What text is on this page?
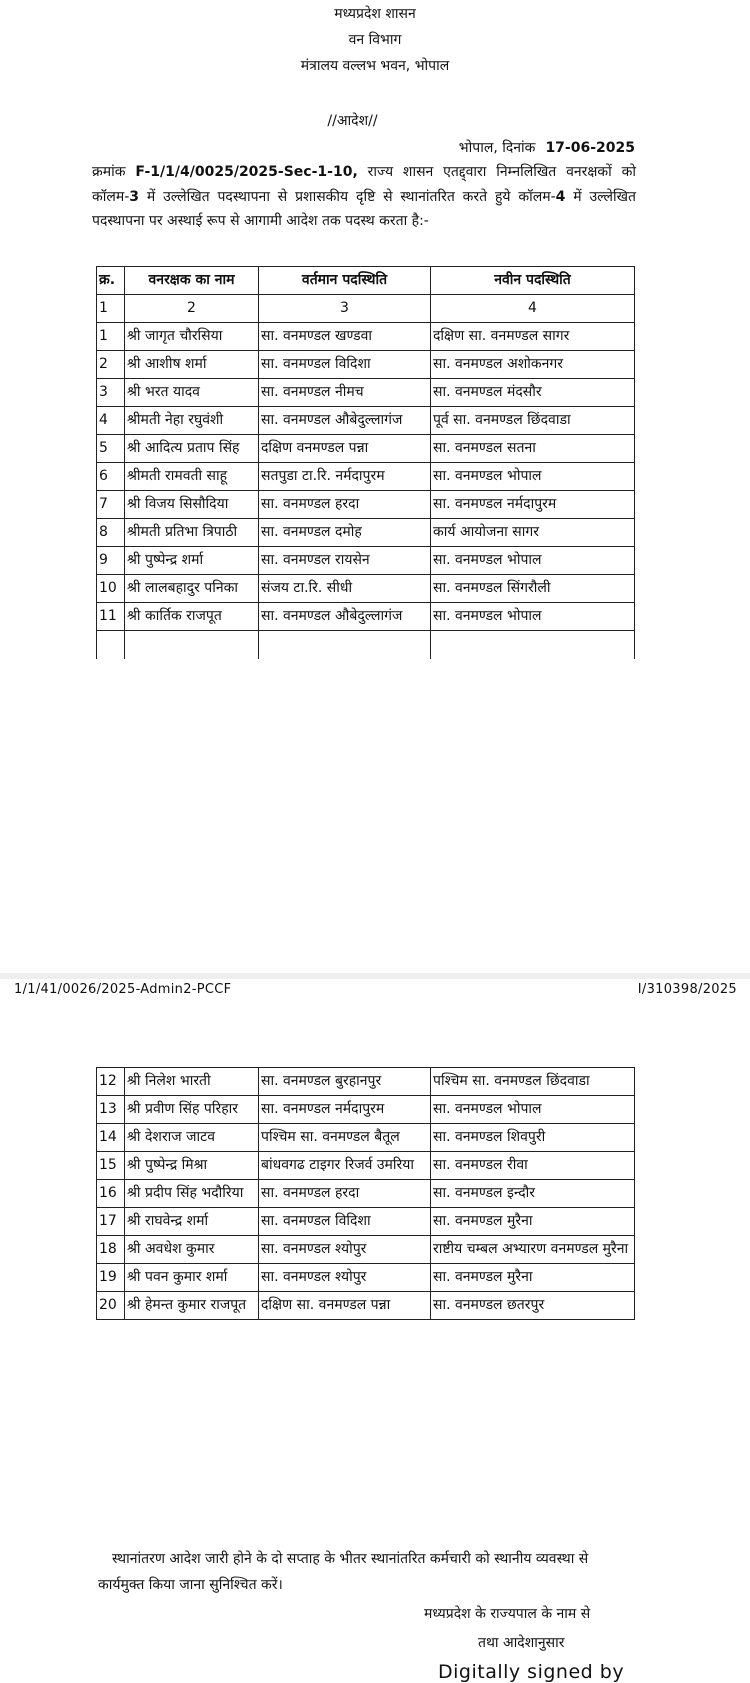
मध्यप्रदेश शासन
वन विभाग
मंत्रालय वल्लभ भवन, भोपाल
//आदेश//
भोपाल, दिनांक 17-06-2025
क्रमांक F-1/1/4/0025/2025-Sec-1-10, राज्य शासन एतद्द्वारा निम्नलिखित वनरक्षकों को कॉलम-3 में उल्लेखित पदस्थापना से प्रशासकीय दृष्टि से स्थानांतरित करते हुये कॉलम-4 में उल्लेखित पदस्थापना पर अस्थाई रूप से आगामी आदेश तक पदस्थ करता है:-
क्र.	वनरक्षक का नाम	वर्तमान पदस्थिति	नवीन पदस्थिति
1	2	3	4
1	श्री जागृत चौरसिया	सा. वनमण्डल खण्डवा	दक्षिण सा. वनमण्डल सागर
2	श्री आशीष शर्मा	सा. वनमण्डल विदिशा	सा. वनमण्डल अशोकनगर
3	श्री भरत यादव	सा. वनमण्डल नीमच	सा. वनमण्डल मंदसौर
4	श्रीमती नेहा रघुवंशी	सा. वनमण्डल औबेदुल्लागंज	पूर्व सा. वनमण्डल छिंदवाडा
5	श्री आदित्य प्रताप सिंह	दक्षिण वनमण्डल पन्ना	सा. वनमण्डल सतना
6	श्रीमती रामवती साहू	सतपुडा टा.रि. नर्मदापुरम	सा. वनमण्डल भोपाल
7	श्री विजय सिसौदिया	सा. वनमण्डल हरदा	सा. वनमण्डल नर्मदापुरम
8	श्रीमती प्रतिभा त्रिपाठी	सा. वनमण्डल दमोह	कार्य आयोजना सागर
9	श्री पुष्पेन्द्र शर्मा	सा. वनमण्डल रायसेन	सा. वनमण्डल भोपाल
10	श्री लालबहादुर पनिका	संजय टा.रि. सीधी	सा. वनमण्डल सिंगरौली
11	श्री कार्तिक राजपूत	सा. वनमण्डल औबेदुल्लागंज	सा. वनमण्डल भोपाल

1/1/41/0026/2025-Admin2-PCCF	I/310398/2025
12	श्री निलेश भारती	सा. वनमण्डल बुरहानपुर	पश्चिम सा. वनमण्डल छिंदवाडा
13	श्री प्रवीण सिंह परिहार	सा. वनमण्डल नर्मदापुरम	सा. वनमण्डल भोपाल
14	श्री देशराज जाटव	पश्चिम सा. वनमण्डल बैतूल	सा. वनमण्डल शिवपुरी
15	श्री पुष्पेन्द्र मिश्रा	बांधवगढ टाइगर रिजर्व उमरिया	सा. वनमण्डल रीवा
16	श्री प्रदीप सिंह भदौरिया	सा. वनमण्डल हरदा	सा. वनमण्डल इन्दौर
17	श्री राघवेन्द्र शर्मा	सा. वनमण्डल विदिशा	सा. वनमण्डल मुरैना
18	श्री अवधेश कुमार	सा. वनमण्डल श्योपुर	राष्टीय चम्बल अभ्यारण वनमण्डल मुरैना
19	श्री पवन कुमार शर्मा	सा. वनमण्डल श्योपुर	सा. वनमण्डल मुरैना
20	श्री हेमन्त कुमार राजपूत	दक्षिण सा. वनमण्डल पन्ना	सा. वनमण्डल छतरपुर
स्थानांतरण आदेश जारी होने के दो सप्ताह के भीतर स्थानांतरित कर्मचारी को स्थानीय व्यवस्था से कार्यमुक्त किया जाना सुनिश्चित करें।
मध्यप्रदेश के राज्यपाल के नाम से
तथा आदेशानुसार
Digitally signed by
